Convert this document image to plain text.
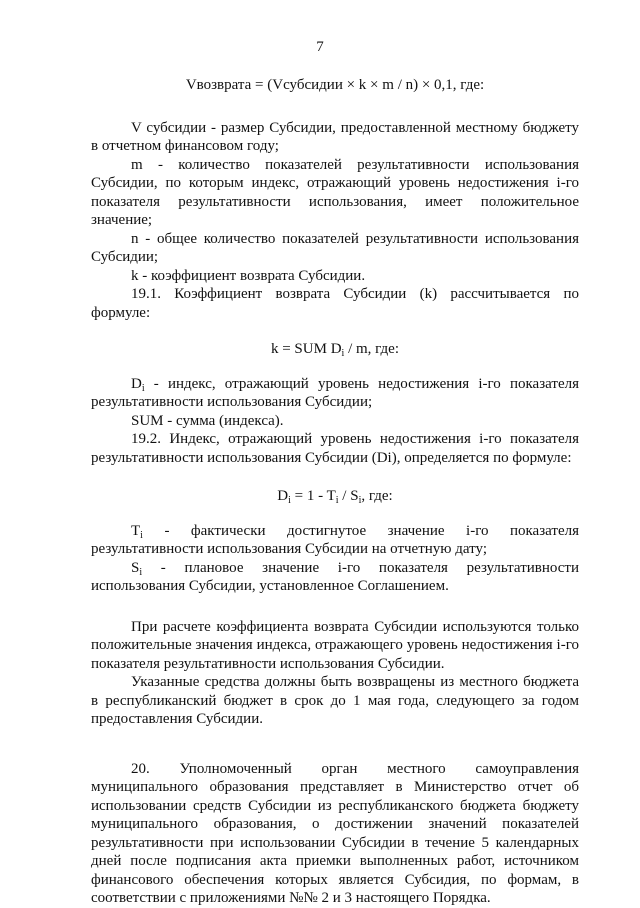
7
Vвозврата = (Vсубсидии × k × m / n) × 0,1, где:

V субсидии - размер Субсидии, предоставленной местному бюджету в отчетном финансовом году;

m - количество показателей результативности использования Субсидии, по которым индекс, отражающий уровень недостижения i-го показателя результативности использования, имеет положительное значение;

n - общее количество показателей результативности использования Субсидии;

k - коэффициент возврата Субсидии.

19.1. Коэффициент возврата Субсидии (k) рассчитывается по формуле:

k = SUM $D_i$ / m, где:

$D_i$ - индекс, отражающий уровень недостижения i-го показателя результативности использования Субсидии;

SUM - сумма (индекса).

19.2. Индекс, отражающий уровень недостижения i-го показателя результативности использования Субсидии (Di), определяется по формуле:

$D_i = 1 - T_i / S_i$, где:

$T_i$ - фактически достигнутое значение i-го показателя результативности использования Субсидии на отчетную дату;

$S_i$ - плановое значение i-го показателя результативности использования Субсидии, установленное Соглашением.

При расчете коэффициента возврата Субсидии используются только положительные значения индекса, отражающего уровень недостижения i-го показателя результативности использования Субсидии.

Указанные средства должны быть возвращены из местного бюджета в республиканский бюджет в срок до 1 мая года, следующего за годом предоставления Субсидии.

20. Уполномоченный орган местного самоуправления муниципального образования представляет в Министерство отчет об использовании средств Субсидии из республиканского бюджета бюджету муниципального образования, о достижении значений показателей результативности при использовании Субсидии в течение 5 календарных дней после подписания акта приемки выполненных работ, источником финансового обеспечения которых является Субсидия, по формам, в соответствии с приложениями №№ 2 и 3 настоящего Порядка.
